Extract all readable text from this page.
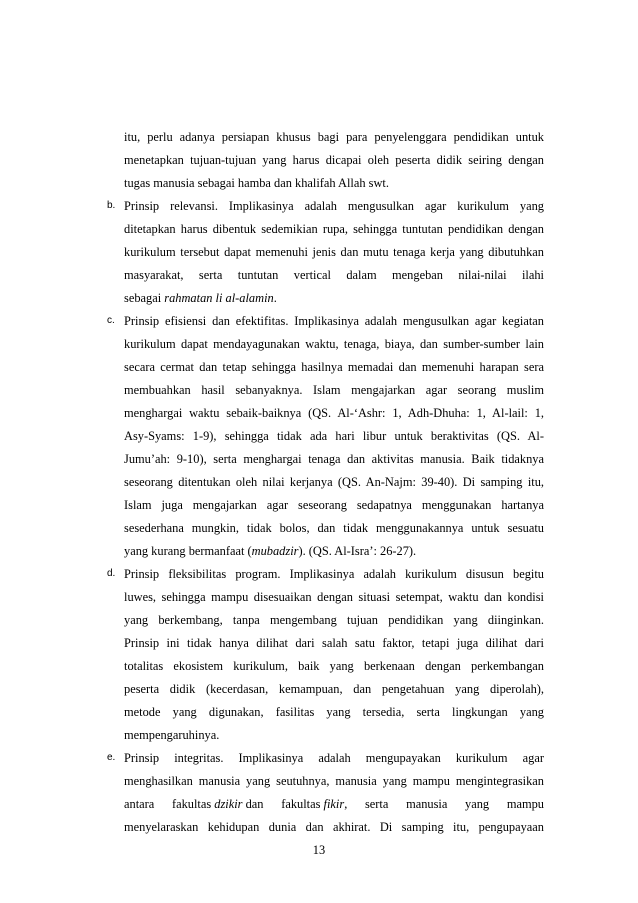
itu, perlu adanya persiapan khusus bagi para penyelenggara pendidikan untuk
menetapkan tujuan-tujuan yang harus dicapai oleh peserta didik seiring dengan
tugas manusia sebagai hamba dan khalifah Allah swt.
b. Prinsip relevansi. Implikasinya adalah mengusulkan agar kurikulum yang
ditetapkan harus dibentuk sedemikian rupa, sehingga tuntutan pendidikan dengan
kurikulum tersebut dapat memenuhi jenis dan mutu tenaga kerja yang dibutuhkan
masyarakat, serta tuntutan vertical dalam mengeban nilai-nilai ilahi
sebagai rahmatan li al-alamin.
c. Prinsip efisiensi dan efektifitas. Implikasinya adalah mengusulkan agar kegiatan
kurikulum dapat mendayagunakan waktu, tenaga, biaya, dan sumber-sumber lain
secara cermat dan tetap sehingga hasilnya memadai dan memenuhi harapan sera
membuahkan hasil sebanyaknya. Islam mengajarkan agar seorang muslim
menghargai waktu sebaik-baiknya (QS. Al-‘Ashr: 1, Adh-Dhuha: 1, Al-lail: 1,
Asy-Syams: 1-9), sehingga tidak ada hari libur untuk beraktivitas (QS. Al-
Jumu’ah: 9-10), serta menghargai tenaga dan aktivitas manusia. Baik tidaknya
seseorang ditentukan oleh nilai kerjanya (QS. An-Najm: 39-40). Di samping itu,
Islam juga mengajarkan agar seseorang sedapatnya menggunakan hartanya
sesederhana mungkin, tidak bolos, dan tidak menggunakannya untuk sesuatu
yang kurang bermanfaat (mubadzir). (QS. Al-Isra’: 26-27).
d. Prinsip fleksibilitas program. Implikasinya adalah kurikulum disusun begitu
luwes, sehingga mampu disesuaikan dengan situasi setempat, waktu dan kondisi
yang berkembang, tanpa mengembang tujuan pendidikan yang diinginkan.
Prinsip ini tidak hanya dilihat dari salah satu faktor, tetapi juga dilihat dari
totalitas ekosistem kurikulum, baik yang berkenaan dengan perkembangan
peserta didik (kecerdasan, kemampuan, dan pengetahuan yang diperolah),
metode yang digunakan, fasilitas yang tersedia, serta lingkungan yang
mempengaruhinya.
e. Prinsip integritas. Implikasinya adalah mengupayakan kurikulum agar
menghasilkan manusia yang seutuhnya, manusia yang mampu mengintegrasikan
antara fakultas dzikir dan fakultas fikir, serta manusia yang mampu
menyelaraskan kehidupan dunia dan akhirat. Di samping itu, pengupayaan
13
